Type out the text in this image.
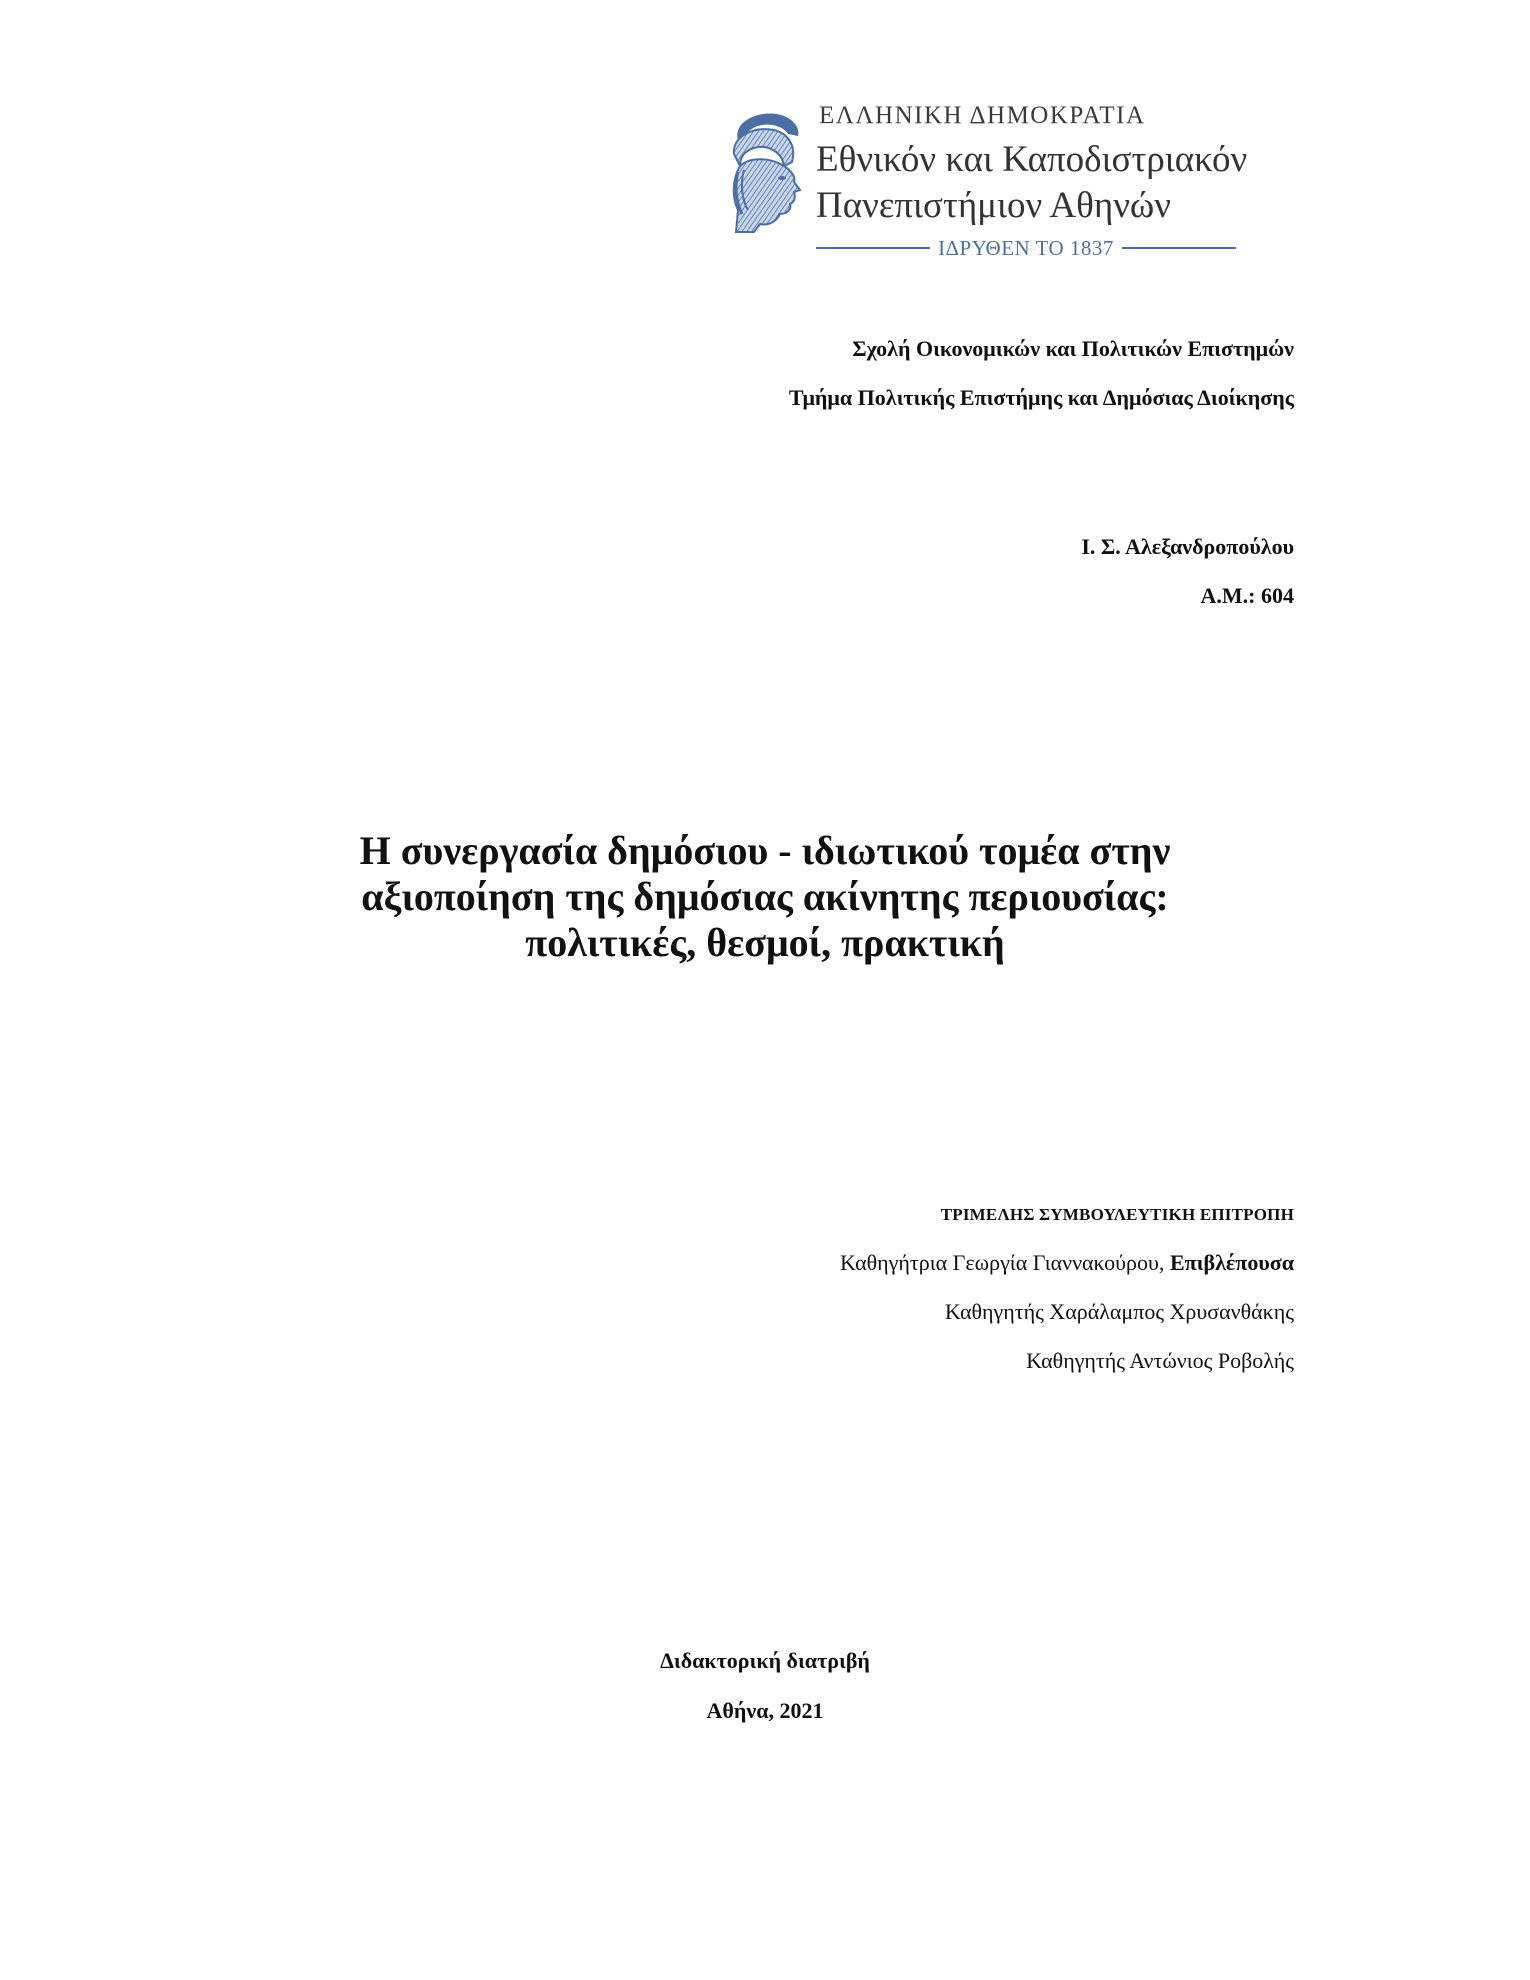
ΕΛΛΗΝΙΚΗ ΔΗΜΟΚΡΑΤΙΑ
Εθνικόν και Καποδιστριακόν
Πανεπιστήμιον Αθηνών
ΙΔΡΥΘΕΝ ΤΟ 1837
Σχολή Οικονομικών και Πολιτικών Επιστημών
Τμήμα Πολιτικής Επιστήμης και Δημόσιας Διοίκησης
Ι. Σ. Αλεξανδροπούλου
Α.Μ.: 604
Η συνεργασία δημόσιου - ιδιωτικού τομέα στην
αξιοποίηση της δημόσιας ακίνητης περιουσίας:
πολιτικές, θεσμοί, πρακτική
ΤΡΙΜΕΛΗΣ ΣΥΜΒΟΥΛΕΥΤΙΚΗ ΕΠΙΤΡΟΠΗ
Καθηγήτρια Γεωργία Γιαννακούρου, Επιβλέπουσα
Καθηγητής Χαράλαμπος Χρυσανθάκης
Καθηγητής Αντώνιος Ροβολής
Διδακτορική διατριβή
Αθήνα, 2021
